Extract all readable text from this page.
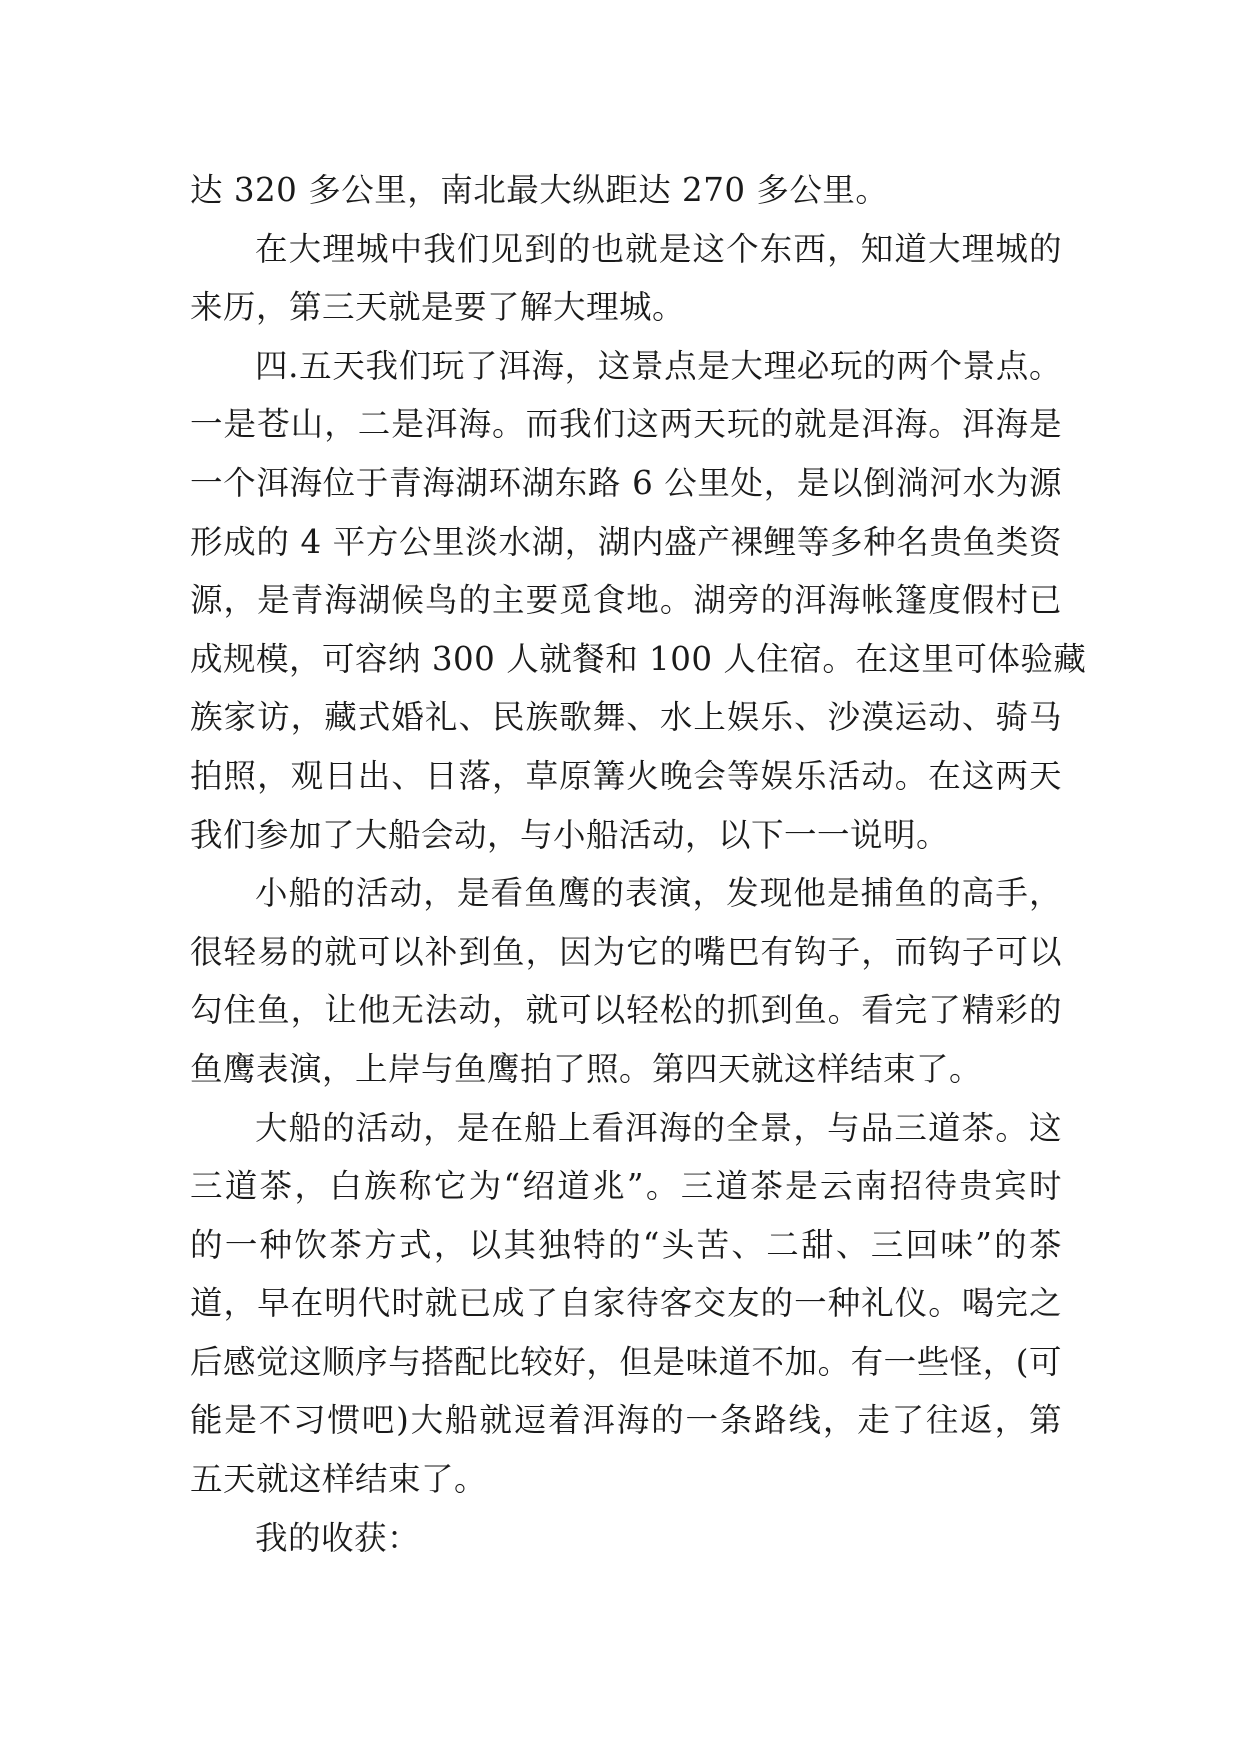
达 320 多公里，南北最大纵距达 270 多公里。
在大理城中我们见到的也就是这个东西，知道大理城的
来历，第三天就是要了解大理城。
四.五天我们玩了洱海，这景点是大理必玩的两个景点。
一是苍山，二是洱海。而我们这两天玩的就是洱海。洱海是
一个洱海位于青海湖环湖东路 6 公里处，是以倒淌河水为源
形成的 4 平方公里淡水湖，湖内盛产裸鲤等多种名贵鱼类资
源，是青海湖候鸟的主要觅食地。湖旁的洱海帐篷度假村已
成规模，可容纳 300 人就餐和 100 人住宿。在这里可体验藏
族家访，藏式婚礼、民族歌舞、水上娱乐、沙漠运动、骑马
拍照，观日出、日落，草原篝火晚会等娱乐活动。在这两天
我们参加了大船会动，与小船活动，以下一一说明。
小船的活动，是看鱼鹰的表演，发现他是捕鱼的高手，
很轻易的就可以补到鱼，因为它的嘴巴有钩子，而钩子可以
勾住鱼，让他无法动，就可以轻松的抓到鱼。看完了精彩的
鱼鹰表演，上岸与鱼鹰拍了照。第四天就这样结束了。
大船的活动，是在船上看洱海的全景，与品三道茶。这
三道茶，白族称它为“绍道兆”。三道茶是云南招待贵宾时
的一种饮茶方式，以其独特的“头苦、二甜、三回味”的茶
道，早在明代时就已成了自家待客交友的一种礼仪。喝完之
后感觉这顺序与搭配比较好，但是味道不加。有一些怪，(可
能是不习惯吧)大船就逗着洱海的一条路线，走了往返，第
五天就这样结束了。
我的收获：
